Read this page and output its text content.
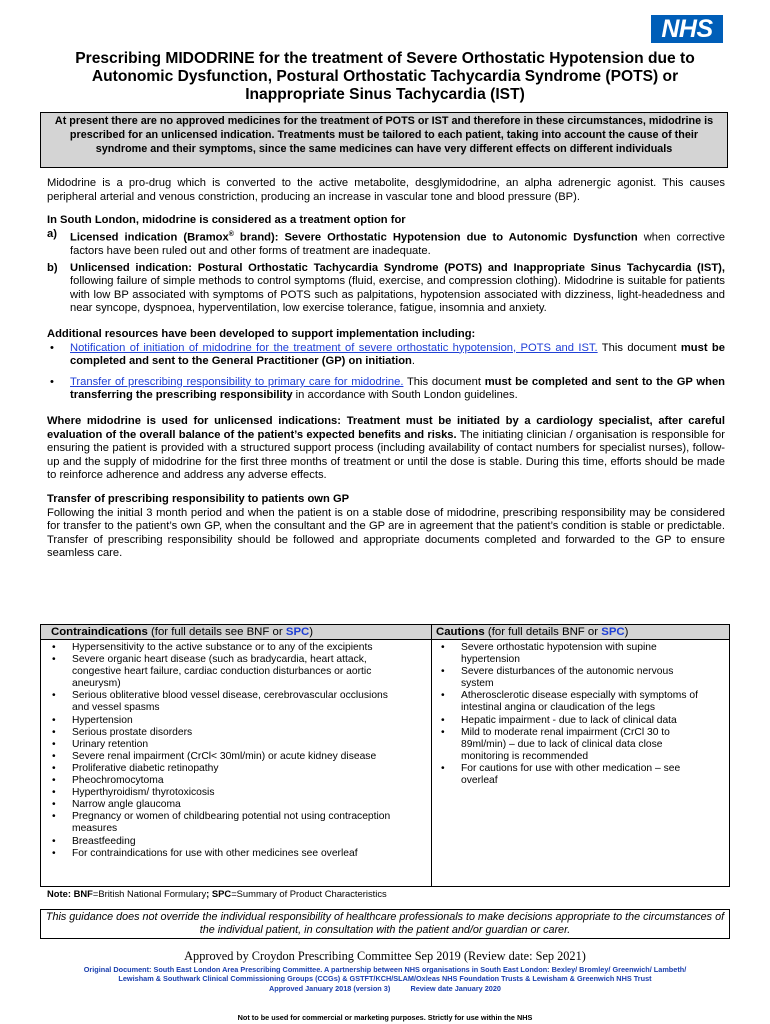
NHS
Prescribing MIDODRINE for the treatment of Severe Orthostatic Hypotension due to Autonomic Dysfunction, Postural Orthostatic Tachycardia Syndrome (POTS) or Inappropriate Sinus Tachycardia (IST)
At present there are no approved medicines for the treatment of POTS or IST and therefore in these circumstances, midodrine is prescribed for an unlicensed indication. Treatments must be tailored to each patient, taking into account the cause of their syndrome and their symptoms, since the same medicines can have very different effects on different individuals

Midodrine is a pro-drug which is converted to the active metabolite, desglymidodrine, an alpha adrenergic agonist. This causes peripheral arterial and venous constriction, producing an increase in vascular tone and blood pressure (BP).

In South London, midodrine is considered as a treatment option for

a) Licensed indication (Bramox® brand): Severe Orthostatic Hypotension due to Autonomic Dysfunction when corrective factors have been ruled out and other forms of treatment are inadequate.
b) Unlicensed indication: Postural Orthostatic Tachycardia Syndrome (POTS) and Inappropriate Sinus Tachycardia (IST), following failure of simple methods to control symptoms (fluid, exercise, and compression clothing). Midodrine is suitable for patients with low BP associated with symptoms of POTS such as palpitations, hypotension associated with dizziness, light-headedness and near syncope, dyspnoea, hyperventilation, low exercise tolerance, fatigue, insomnia and anxiety.

Additional resources have been developed to support implementation including:

• Notification of initiation of midodrine for the treatment of severe orthostatic hypotension, POTS and IST. This document must be completed and sent to the General Practitioner (GP) on initiation.
• Transfer of prescribing responsibility to primary care for midodrine. This document must be completed and sent to the GP when transferring the prescribing responsibility in accordance with South London guidelines.

Where midodrine is used for unlicensed indications: Treatment must be initiated by a cardiology specialist, after careful evaluation of the overall balance of the patient’s expected benefits and risks. The initiating clinician / organisation is responsible for ensuring the patient is provided with a structured support process (including availability of contact numbers for specialist nurses), follow-up and the supply of midodrine for the first three months of treatment or until the dose is stable. During this time, efforts should be made to reinforce adherence and address any adverse effects.

Transfer of prescribing responsibility to patients own GP

Following the initial 3 month period and when the patient is on a stable dose of midodrine, prescribing responsibility may be considered for transfer to the patient’s own GP, when the consultant and the GP are in agreement that the patient’s condition is stable or predictable. Transfer of prescribing responsibility should be followed and appropriate documents completed and forwarded to the GP to ensure seamless care.

Contraindications (for full details see BNF or SPC)	Cautions (for full details BNF or SPC)
• Hypersensitivity to the active substance or to any of the excipients
• Severe organic heart disease (such as bradycardia, heart attack, congestive heart failure, cardiac conduction disturbances or aortic aneurysm)
• Serious obliterative blood vessel disease, cerebrovascular occlusions and vessel spasms
• Hypertension
• Serious prostate disorders
• Urinary retention
• Severe renal impairment (CrCl< 30ml/min) or acute kidney disease
• Proliferative diabetic retinopathy
• Pheochromocytoma
• Hyperthyroidism/ thyrotoxicosis
• Narrow angle glaucoma
• Pregnancy or women of childbearing potential not using contraception measures
• Breastfeeding
• For contraindications for use with other medicines see overleaf
• Severe orthostatic hypotension with supine hypertension
• Severe disturbances of the autonomic nervous system
• Atherosclerotic disease especially with symptoms of intestinal angina or claudication of the legs
• Hepatic impairment - due to lack of clinical data
• Mild to moderate renal impairment (CrCl 30 to 89ml/min) – due to lack of clinical data close monitoring is recommended
• For cautions for use with other medication – see overleaf
Note: BNF=British National Formulary; SPC=Summary of Product Characteristics
This guidance does not override the individual responsibility of healthcare professionals to make decisions appropriate to the circumstances of the individual patient, in consultation with the patient and/or guardian or carer.
Approved by Croydon Prescribing Committee Sep 2019 (Review date: Sep 2021)
Original Document: South East London Area Prescribing Committee. A partnership between NHS organisations in South East London: Bexley/ Bromley/ Greenwich/ Lambeth/
Lewisham & Southwark Clinical Commissioning Groups (CCGs) & GSTFT/KCH/SLAM/Oxleas NHS Foundation Trusts & Lewisham & Greenwich NHS Trust
Approved January 2018 (version 3)          Review date January 2020
Not to be used for commercial or marketing purposes. Strictly for use within the NHS
